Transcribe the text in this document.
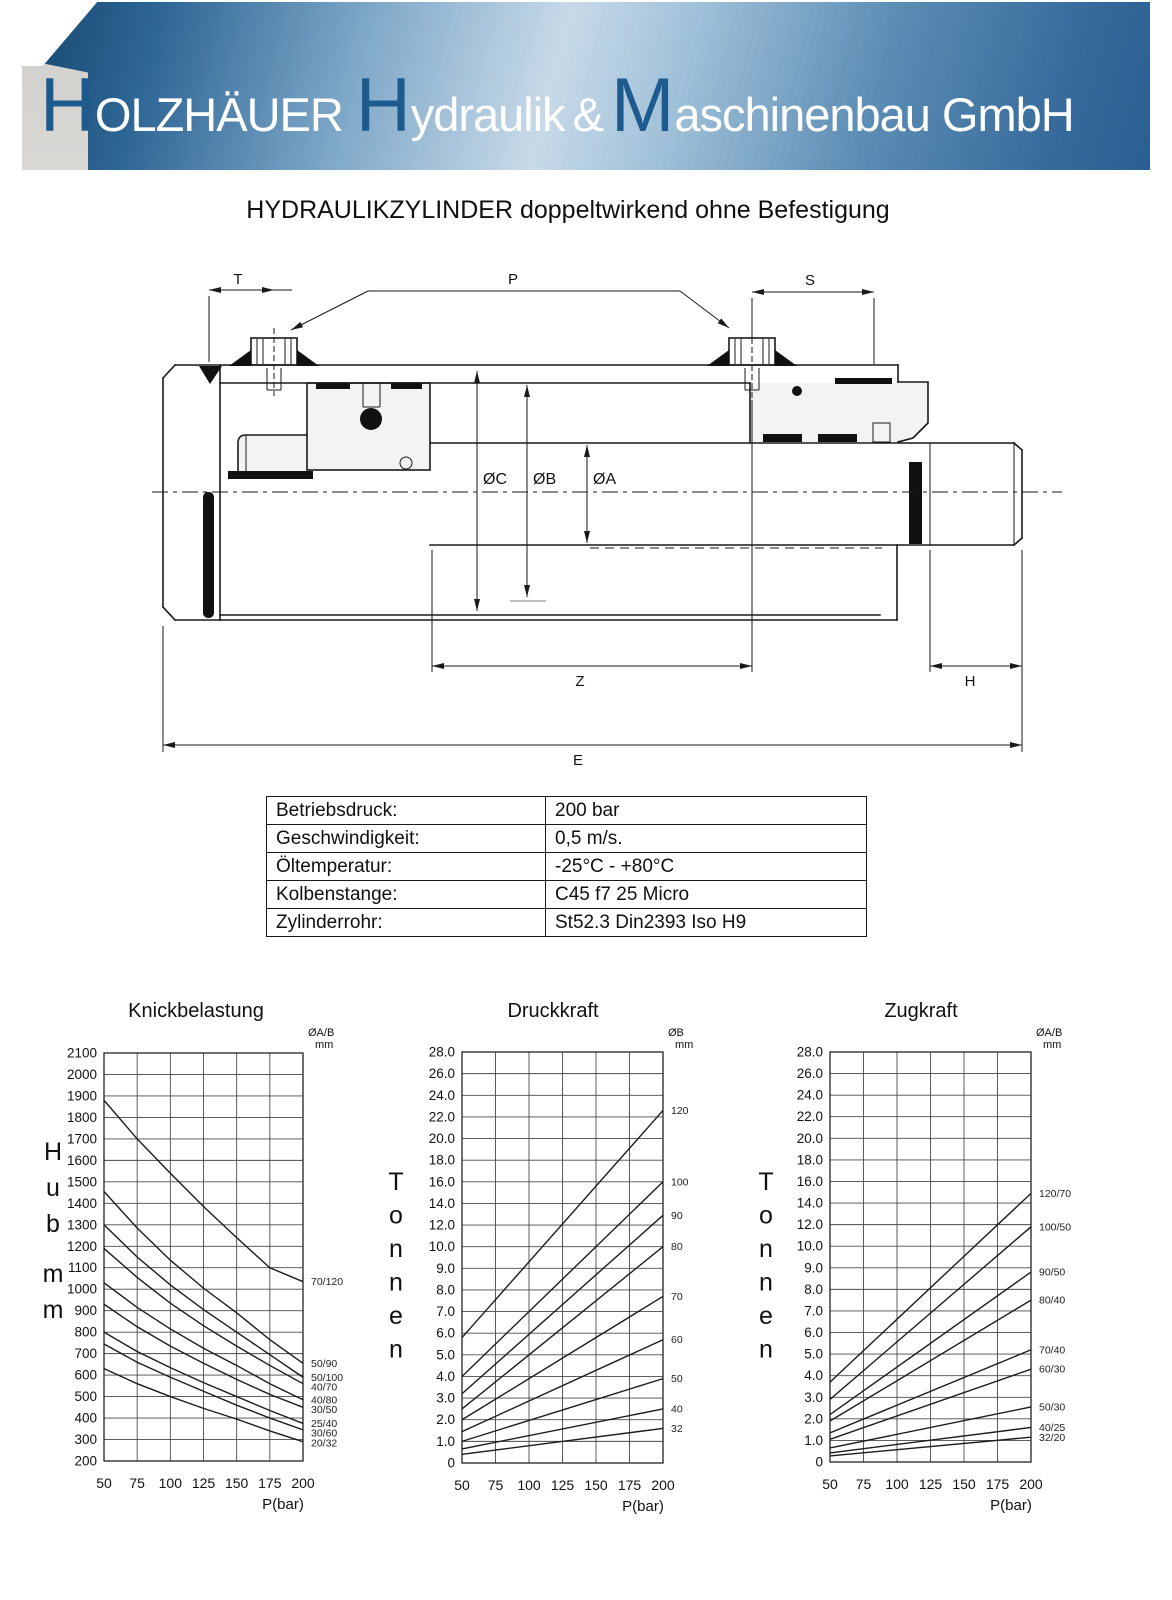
HOLZHÄUER Hydraulik & Maschinenbau GmbH
HYDRAULIKZYLINDER doppeltwirkend ohne Befestigung
Betriebsdruck:	200 bar
Geschwindigkeit:	0,5 m/s.
Öltemperatur:	-25°C - +80°C
Kolbenstange:	C45 f7 25 Micro
Zylinderrohr:	St52.3 Din2393 Iso H9
T	P	S
ØC ØB ØA
Z	H
E
2100
2000
1900
1800
1700
1600
1500
1400
1300
1200
1100
1000
900
800
700
600
500
400
300
200
50 75 100 125 150 175 200
70/120
50/90
50/100
40/70
40/80
30/50
25/40
30/60
20/32
Knickbelastung
ØA/B
mm
H
u
b
m
m
P(bar)
28.0
26.0
24.0
22.0
20.0
18.0
16.0
14.0
12.0
10.0
9.0
8.0
7.0
6.0
5.0
4.0
3.0
2.0
1.0
0
50 75 100 125 150 175 200
120
100
90
80
70
60
50
40
32
Druckkraft
ØB
mm
T
o
n
n
e
n
P(bar)
28.0
26.0
24.0
22.0
20.0
18.0
16.0
14.0
12.0
10.0
9.0
8.0
7.0
6.0
5.0
4.0
3.0
2.0
1.0
0
50 75 100 125 150 175 200
120/70
100/50
90/50
80/40
70/40
60/30
50/30
40/25
32/20
Zugkraft
ØA/B
mm
T
o
n
n
e
n
P(bar)
